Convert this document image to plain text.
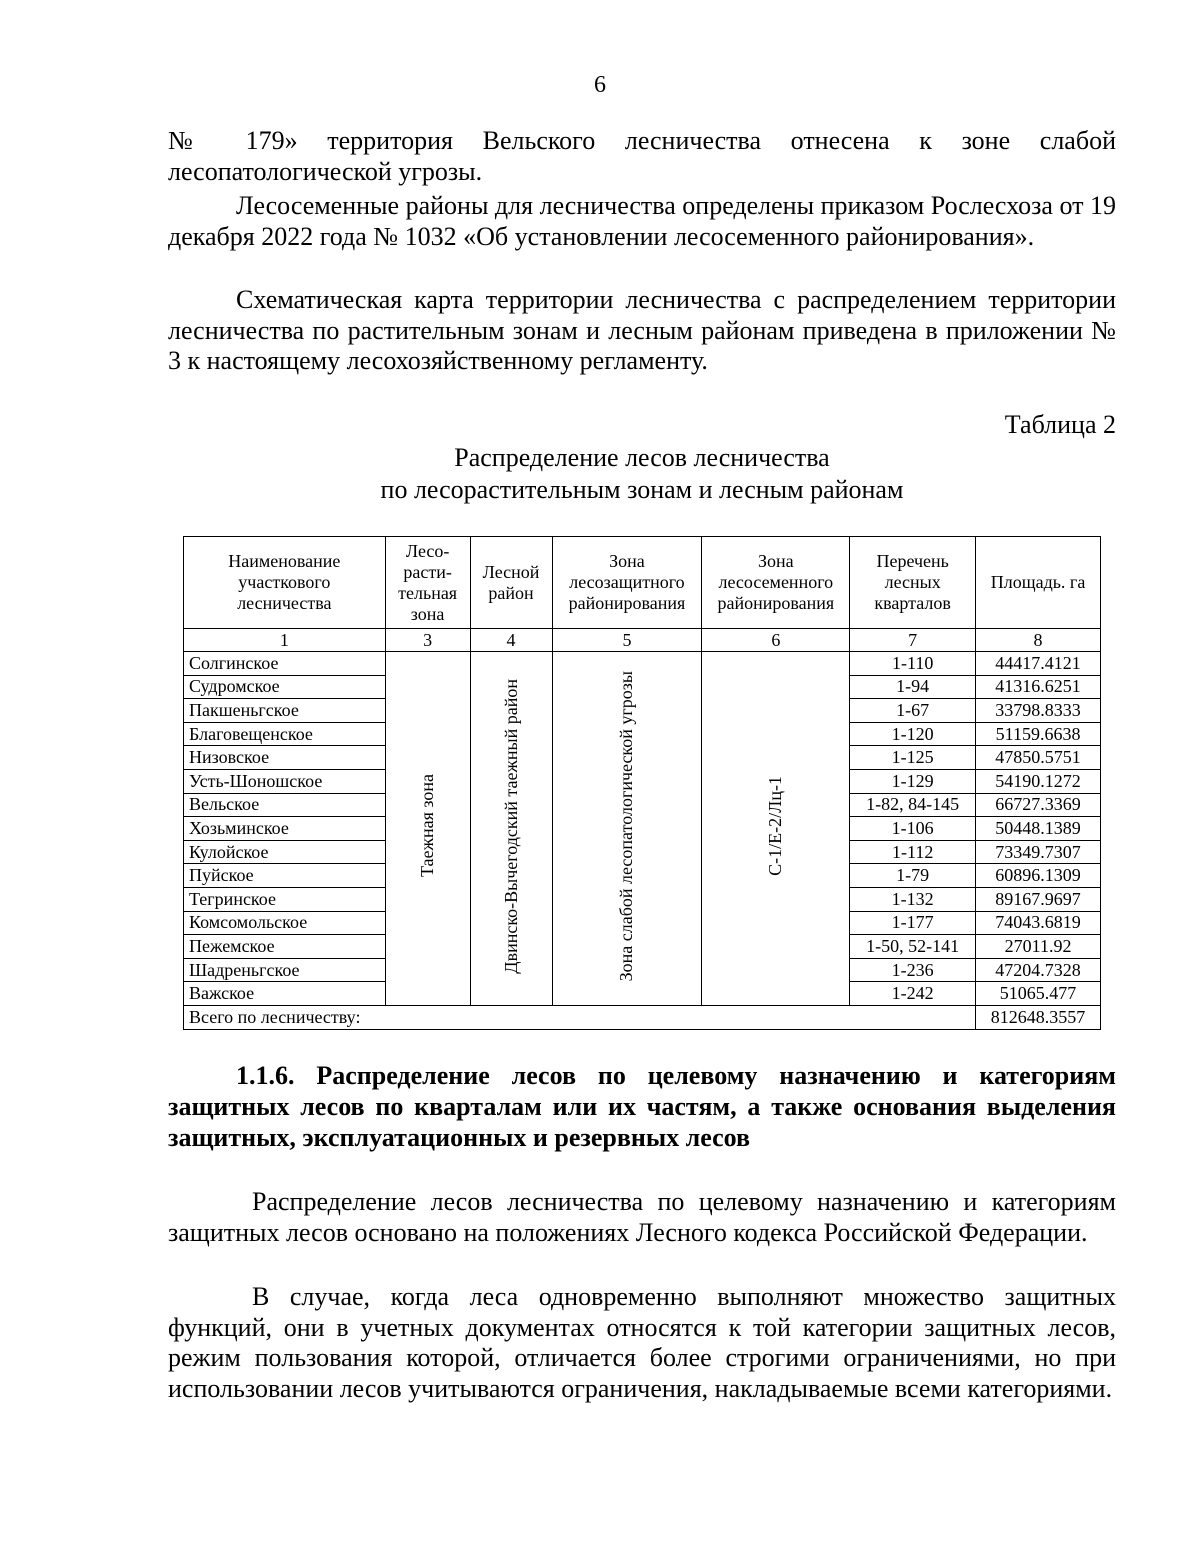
6

№ 179» территория Вельского лесничества отнесена к зоне слабой лесопатологической угрозы.

Лесосеменные районы для лесничества определены приказом Рослесхоза от 19 декабря 2022 года № 1032 «Об установлении лесосеменного районирования».

Схематическая карта территории лесничества с распределением территории лесничества по растительным зонам и лесным районам приведена в приложении № 3 к настоящему лесохозяйственному регламенту.

Таблица 2
Распределение лесов лесничества
по лесорастительным зонам и лесным районам
Наименование участкового лесничества	Лесо- расти- тельная зона	Лесной район	Зона лесозащитного районирования	Зона лесосеменного районирования	Перечень лесных кварталов	Площадь. га
1	3	4	5	6	7	8
Солгинское	Таежная зона	Двинско-Вычегодский таежный район	Зона слабой лесопатологической угрозы	С-1/Е-2/Лц-1	1-110	44417.4121
Судромское					1-94	41316.6251
Пакшеньгское					1-67	33798.8333
Благовещенское					1-120	51159.6638
Низовское					1-125	47850.5751
Усть-Шоношское					1-129	54190.1272
Вельское					1-82, 84-145	66727.3369
Хозьминское					1-106	50448.1389
Кулойское					1-112	73349.7307
Пуйское					1-79	60896.1309
Тегринское					1-132	89167.9697
Комсомольское					1-177	74043.6819
Пежемское					1-50, 52-141	27011.92
Шадреньгское					1-236	47204.7328
Важское					1-242	51065.477
Всего по лесничеству:						812648.3557

1.1.6. Распределение лесов по целевому назначению и категориям защитных лесов по кварталам или их частям, а также основания выделения защитных, эксплуатационных и резервных лесов

Распределение лесов лесничества по целевому назначению и категориям защитных лесов основано на положениях Лесного кодекса Российской Федерации.

В случае, когда леса одновременно выполняют множество защитных функций, они в учетных документах относятся к той категории защитных лесов, режим пользования которой, отличается более строгими ограничениями, но при использовании лесов учитываются ограничения, накладываемые всеми категориями.
